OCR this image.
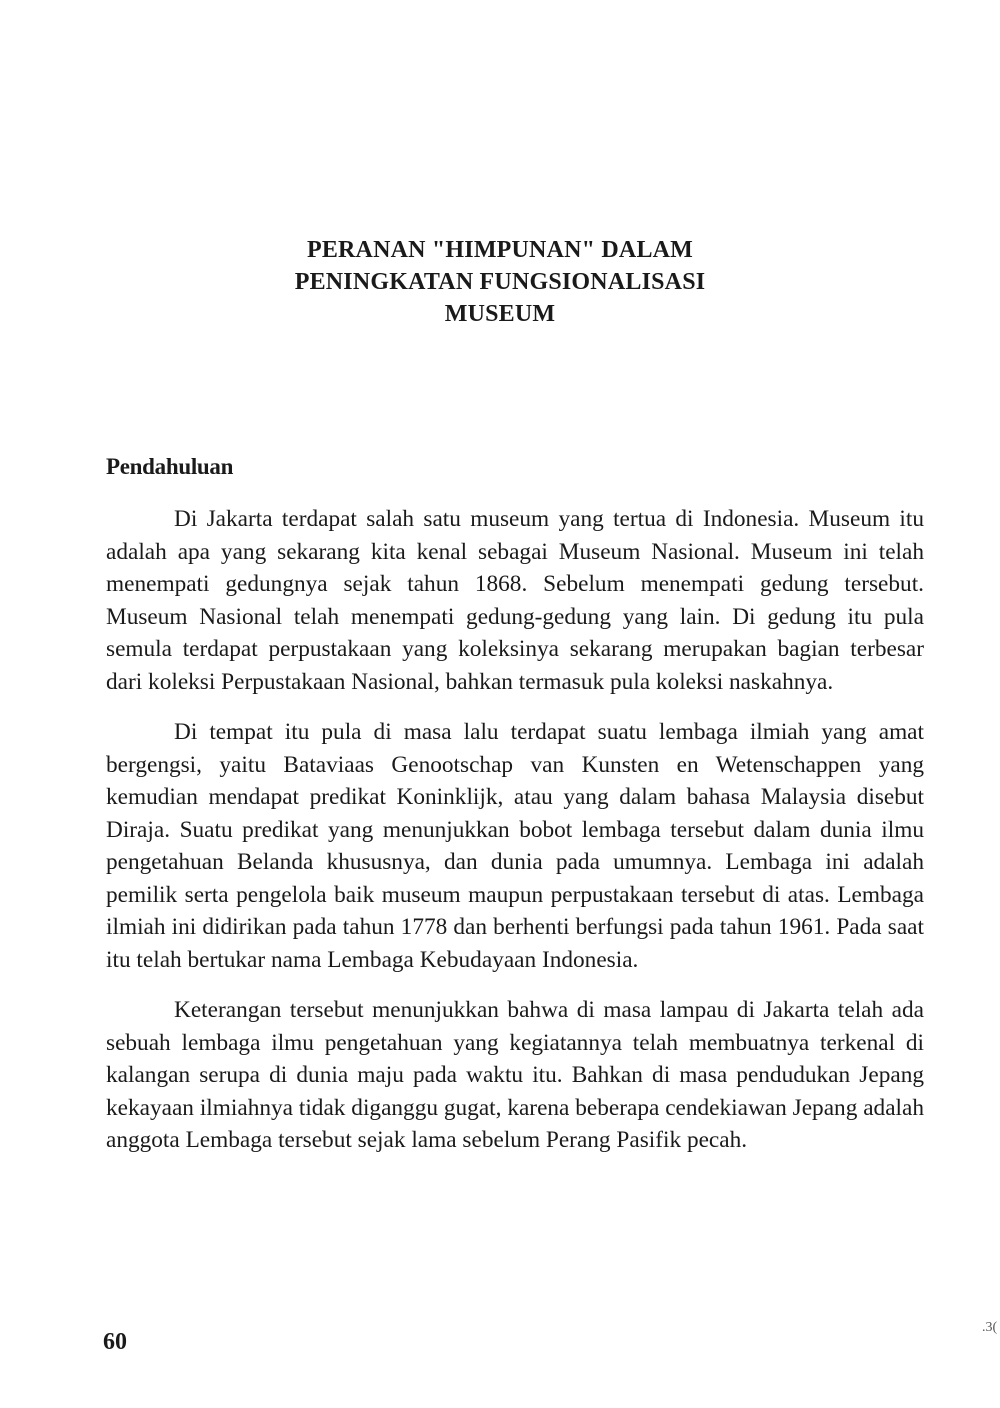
PERANAN "HIMPUNAN" DALAM
PENINGKATAN FUNGSIONALISASI
MUSEUM
Pendahuluan

Di Jakarta terdapat salah satu museum yang tertua di Indonesia. Museum itu adalah apa yang sekarang kita kenal sebagai Museum Nasional. Museum ini telah menempati gedungnya sejak tahun 1868. Sebelum menempati gedung tersebut. Museum Nasional telah menempati gedung-gedung yang lain. Di gedung itu pula semula terdapat perpustakaan yang koleksinya sekarang merupakan bagian terbesar dari koleksi Perpustakaan Nasional, bahkan termasuk pula koleksi naskahnya.

Di tempat itu pula di masa lalu terdapat suatu lembaga ilmiah yang amat bergengsi, yaitu Bataviaas Genootschap van Kunsten en Wetenschappen yang kemudian mendapat predikat Koninklijk, atau yang dalam bahasa Malaysia disebut Diraja. Suatu predikat yang menunjukkan bobot lembaga tersebut dalam dunia ilmu pengetahuan Belanda khususnya, dan dunia pada umumnya. Lembaga ini adalah pemilik serta pengelola baik museum maupun perpustakaan tersebut di atas. Lembaga ilmiah ini didirikan pada tahun 1778 dan berhenti berfungsi pada tahun 1961. Pada saat itu telah bertukar nama Lembaga Kebudayaan Indonesia.

Keterangan tersebut menunjukkan bahwa di masa lampau di Jakarta telah ada sebuah lembaga ilmu pengetahuan yang kegiatannya telah membuatnya terkenal di kalangan serupa di dunia maju pada waktu itu. Bahkan di masa pendudukan Jepang kekayaan ilmiahnya tidak diganggu gugat, karena beberapa cendekiawan Jepang adalah anggota Lembaga tersebut sejak lama sebelum Perang Pasifik pecah.

60
.3(
